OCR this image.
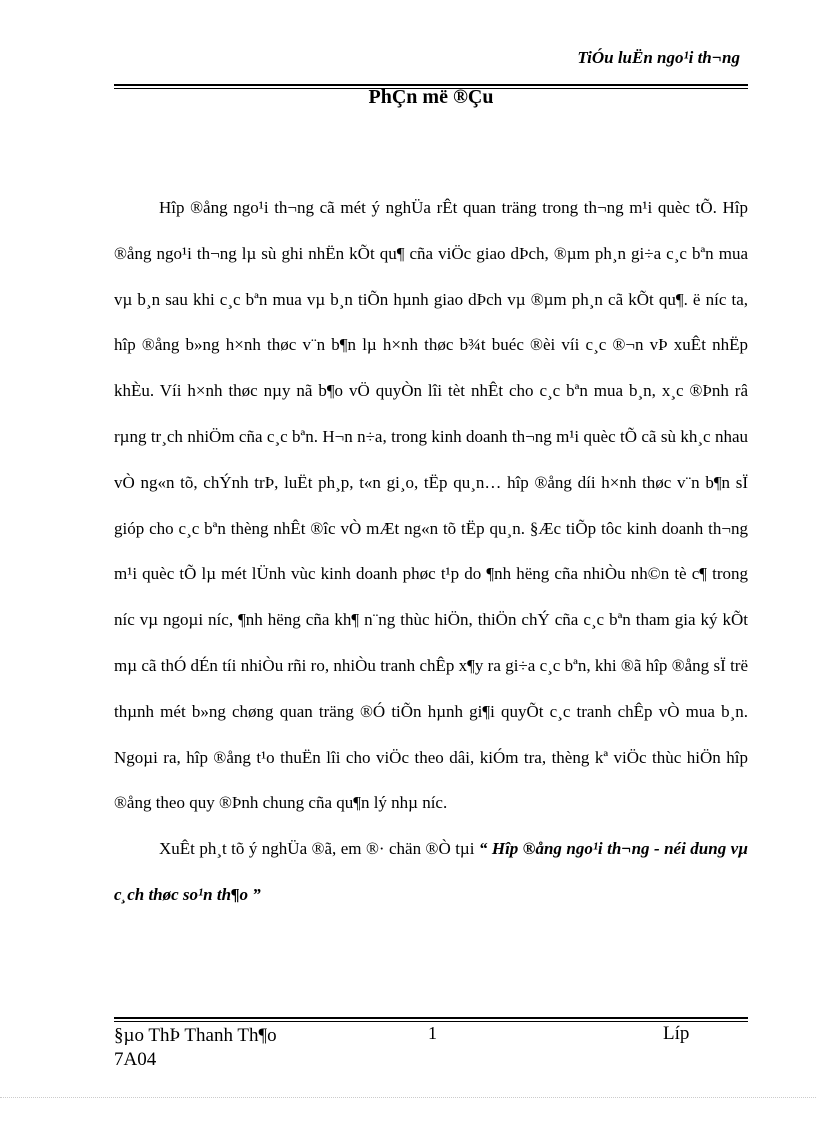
TiÓu luËn ngo¹i th¬ng
PhÇn më ®Çu

Hîp ®ång ngo¹i th¬ng cã mét ý nghÜa rÊt quan träng trong th¬ng m¹i quèc tÕ. Hîp ®ång ngo¹i th¬ng lµ sù ghi nhËn kÕt qu¶ cña viÖc giao dÞch, ®µm ph¸n gi÷a c¸c bªn mua vµ b¸n sau khi c¸c bªn mua vµ b¸n tiÕn hµnh giao dÞch vµ ®µm ph¸n cã kÕt qu¶. ë níc ta, hîp ®ång b»ng h×nh thøc v¨n b¶n lµ h×nh thøc b¾t buéc ®èi víi c¸c ®¬n vÞ xuÊt nhËp khÈu. Víi h×nh thøc nµy nã b¶o vÖ quyÒn lîi tèt nhÊt cho c¸c bªn mua b¸n, x¸c ®Þnh râ rµng tr¸ch nhiÖm cña c¸c bªn. H¬n n÷a, trong kinh doanh th¬ng m¹i quèc tÕ cã sù kh¸c nhau vÒ ng«n tõ, chÝnh trÞ, luËt ph¸p, t«n gi¸o, tËp qu¸n… hîp ®ång díi h×nh thøc v¨n b¶n sÏ gióp cho c¸c bªn thèng nhÊt ®îc vÒ mÆt ng«n tõ tËp qu¸n. §Æc tiÕp tôc kinh doanh th¬ng m¹i quèc tÕ lµ mét lÜnh vùc kinh doanh phøc t¹p do ¶nh hëng cña nhiÒu nh©n tè c¶ trong níc vµ ngoµi níc, ¶nh hëng cña kh¶ n¨ng thùc hiÖn, thiÖn chÝ cña c¸c bªn tham gia ký kÕt mµ cã thÓ dÉn tíi nhiÒu rñi ro, nhiÒu tranh chÊp x¶y ra gi÷a c¸c bªn, khi ®ã hîp ®ång sÏ trë thµnh mét b»ng chøng quan träng ®Ó tiÕn hµnh gi¶i quyÕt c¸c tranh chÊp vÒ mua b¸n. Ngoµi ra, hîp ®ång t¹o thuËn lîi cho viÖc theo dâi, kiÓm tra, thèng kª viÖc thùc hiÖn hîp ®ång theo quy ®Þnh chung cña qu¶n lý nhµ níc.

XuÊt ph¸t tõ ý nghÜa ®ã, em ®· chän ®Ò tµi “ Hîp ®ång ngo¹i th¬ng - néi dung vµ c¸ch thøc so¹n th¶o ”

§µo ThÞ Thanh Th¶o	1	Líp
7A04
